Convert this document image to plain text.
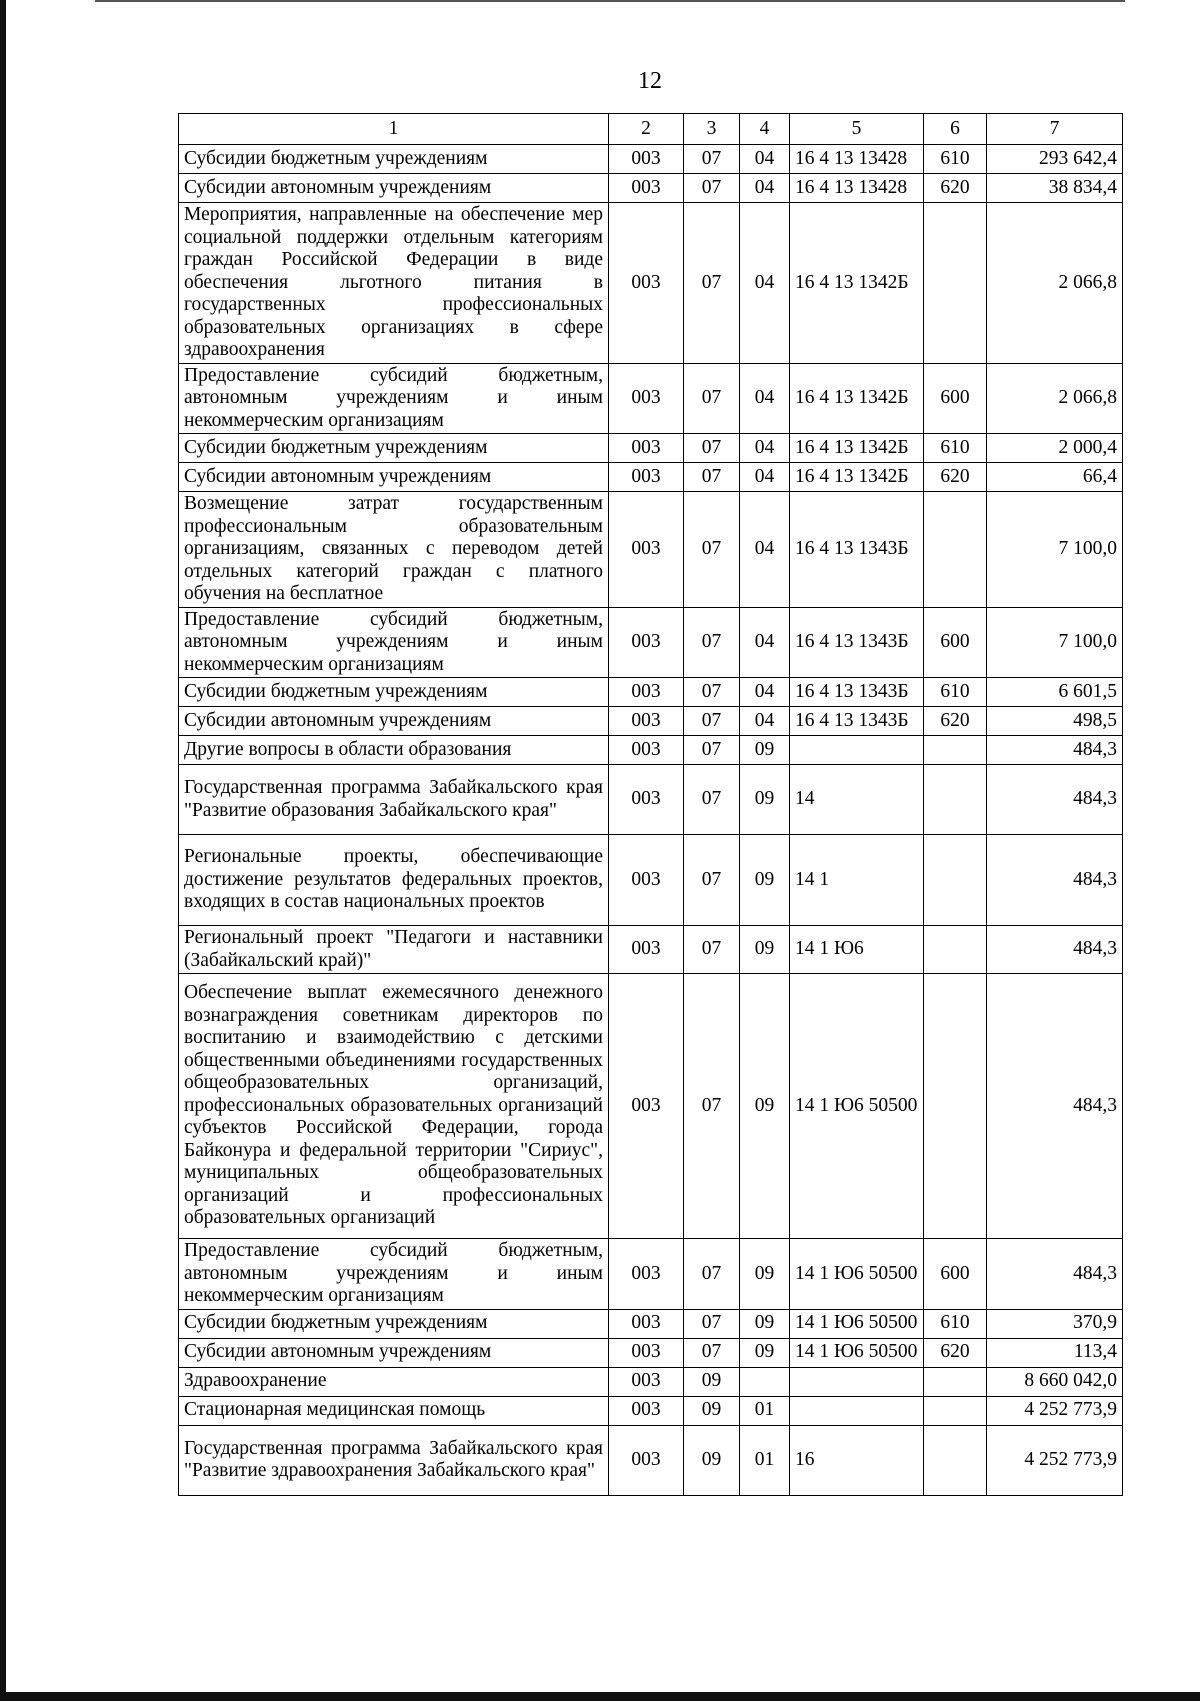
12
1	2	3	4	5	6	7
Субсидии бюджетным учреждениям	003	07	04	16 4 13 13428	610	293 642,4
Субсидии автономным учреждениям	003	07	04	16 4 13 13428	620	38 834,4
Мероприятия, направленные на обеспечение мер социальной поддержки отдельным категориям граждан Российской Федерации в виде обеспечения льготного питания в государственных профессиональных образовательных организациях в сфере здравоохранения	003	07	04	16 4 13 1342Б		2 066,8
Предоставление субсидий бюджетным, автономным учреждениям и иным некоммерческим организациям	003	07	04	16 4 13 1342Б	600	2 066,8
Субсидии бюджетным учреждениям	003	07	04	16 4 13 1342Б	610	2 000,4
Субсидии автономным учреждениям	003	07	04	16 4 13 1342Б	620	66,4
Возмещение затрат государственным профессиональным образовательным организациям, связанных с переводом детей отдельных категорий граждан с платного обучения на бесплатное	003	07	04	16 4 13 1343Б		7 100,0
Предоставление субсидий бюджетным, автономным учреждениям и иным некоммерческим организациям	003	07	04	16 4 13 1343Б	600	7 100,0
Субсидии бюджетным учреждениям	003	07	04	16 4 13 1343Б	610	6 601,5
Субсидии автономным учреждениям	003	07	04	16 4 13 1343Б	620	498,5
Другие вопросы в области образования	003	07	09			484,3
Государственная программа Забайкальского края "Развитие образования Забайкальского края"	003	07	09	14		484,3
Региональные проекты, обеспечивающие достижение результатов федеральных проектов, входящих в состав национальных проектов	003	07	09	14 1		484,3
Региональный проект "Педагоги и наставники (Забайкальский край)"	003	07	09	14 1 Ю6		484,3
Обеспечение выплат ежемесячного денежного вознаграждения советникам директоров по воспитанию и взаимодействию с детскими общественными объединениями государственных общеобразовательных организаций, профессиональных образовательных организаций субъектов Российской Федерации, города Байконура и федеральной территории "Сириус", муниципальных общеобразовательных организаций и профессиональных образовательных организаций	003	07	09	14 1 Ю6 50500		484,3
Предоставление субсидий бюджетным, автономным учреждениям и иным некоммерческим организациям	003	07	09	14 1 Ю6 50500	600	484,3
Субсидии бюджетным учреждениям	003	07	09	14 1 Ю6 50500	610	370,9
Субсидии автономным учреждениям	003	07	09	14 1 Ю6 50500	620	113,4
Здравоохранение	003	09				8 660 042,0
Стационарная медицинская помощь	003	09	01			4 252 773,9
Государственная программа Забайкальского края "Развитие здравоохранения Забайкальского края"	003	09	01	16		4 252 773,9
